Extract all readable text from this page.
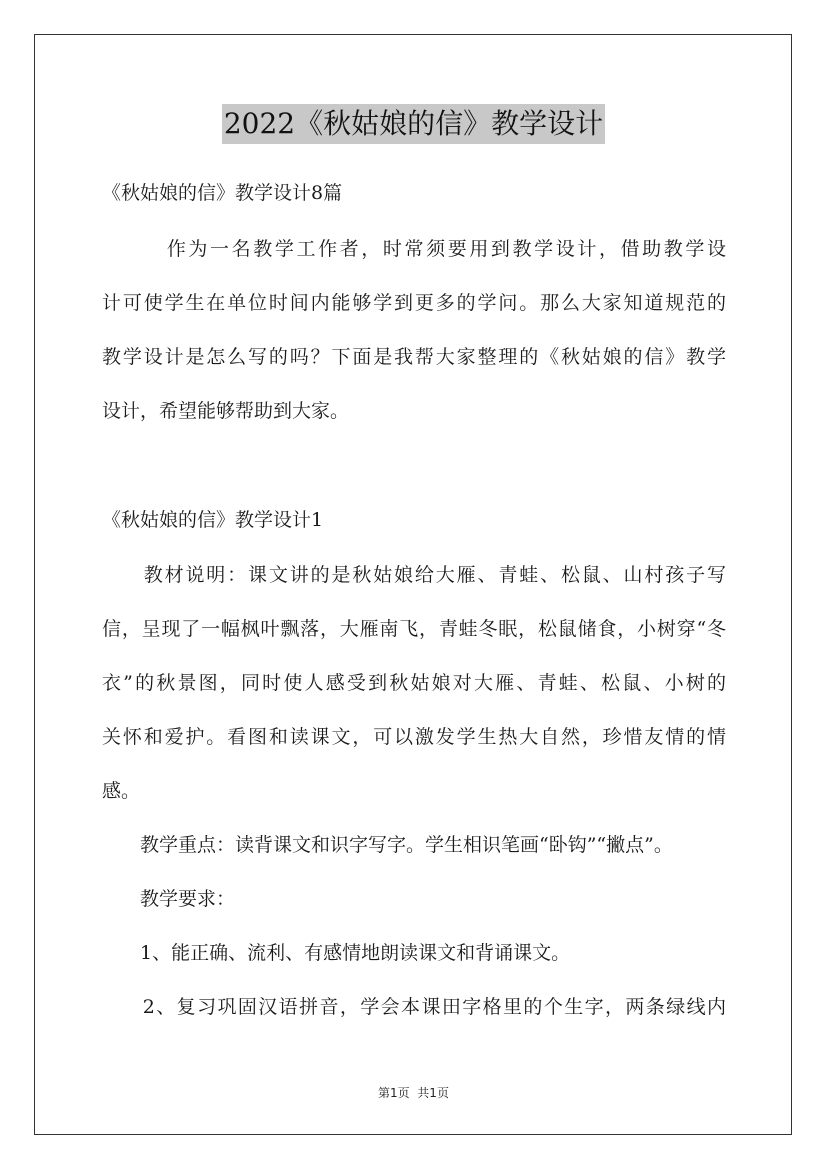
2022《秋姑娘的信》教学设计
《秋姑娘的信》教学设计8篇
　　　作为一名教学工作者，时常须要用到教学设计，借助教学设
计可使学生在单位时间内能够学到更多的学问。那么大家知道规范的
教学设计是怎么写的吗？下面是我帮大家整理的《秋姑娘的信》教学
设计，希望能够帮助到大家。
《秋姑娘的信》教学设计1
　　教材说明：课文讲的是秋姑娘给大雁、青蛙、松鼠、山村孩子写
信，呈现了一幅枫叶飘落，大雁南飞，青蛙冬眠，松鼠储食，小树穿“冬
衣”的秋景图，同时使人感受到秋姑娘对大雁、青蛙、松鼠、小树的
关怀和爱护。看图和读课文，可以激发学生热大自然，珍惜友情的情
感。
　　教学重点：读背课文和识字写字。学生相识笔画“卧钩”“撇点”。
　　教学要求：
　　1、能正确、流利、有感情地朗读课文和背诵课文。
　　2、复习巩固汉语拼音，学会本课田字格里的个生字，两条绿线内
第1页  共1页
